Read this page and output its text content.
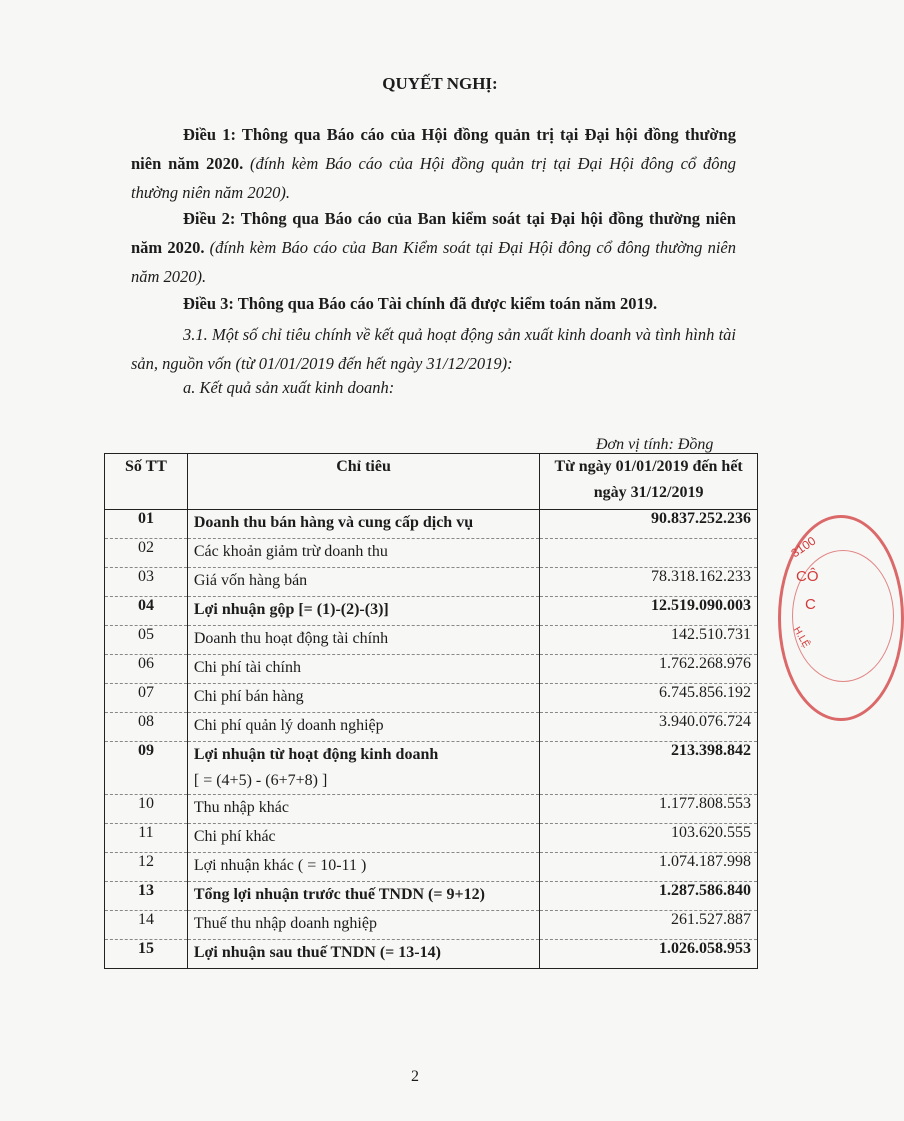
QUYẾT NGHỊ:
Điều 1: Thông qua Báo cáo của Hội đồng quản trị tại Đại hội đồng thường niên năm 2020. (đính kèm Báo cáo của Hội đồng quản trị tại Đại Hội đông cổ đông thường niên năm 2020).
Điều 2: Thông qua Báo cáo của Ban kiểm soát tại Đại hội đồng thường niên năm 2020. (đính kèm Báo cáo của Ban Kiểm soát tại Đại Hội đông cổ đông thường niên năm 2020).
Điều 3: Thông qua Báo cáo Tài chính đã được kiểm toán năm 2019.
3.1. Một số chỉ tiêu chính về kết quả hoạt động sản xuất kinh doanh và tình hình tài sản, nguồn vốn (từ 01/01/2019 đến hết ngày 31/12/2019):
a. Kết quả sản xuất kinh doanh:
Đơn vị tính: Đồng
Số TT	Chỉ tiêu	Từ ngày 01/01/2019 đến hết ngày 31/12/2019
01	Doanh thu bán hàng và cung cấp dịch vụ	90.837.252.236
02	Các khoản giảm trừ doanh thu	

03	Giá vốn hàng bán	78.318.162.233
04	Lợi nhuận gộp [= (1)-(2)-(3)]	12.519.090.003
05	Doanh thu hoạt động tài chính	142.510.731
06	Chi phí tài chính	1.762.268.976
07	Chi phí bán hàng	6.745.856.192
08	Chi phí quản lý doanh nghiệp	3.940.076.724
09	Lợi nhuận từ hoạt động kinh doanh
[ = (4+5) - (6+7+8) ]	213.398.842
10	Thu nhập khác	1.177.808.553
11	Chi phí khác	103.620.555
12	Lợi nhuận khác ( = 10-11 )	1.074.187.998
13	Tổng lợi nhuận trước thuế TNDN (= 9+12)	1.287.586.840
14	Thuế thu nhập doanh nghiệp	261.527.887
15	Lợi nhuận sau thuế TNDN (= 13-14)	1.026.058.953
3100
CÔ
C
H.LỆ
2
